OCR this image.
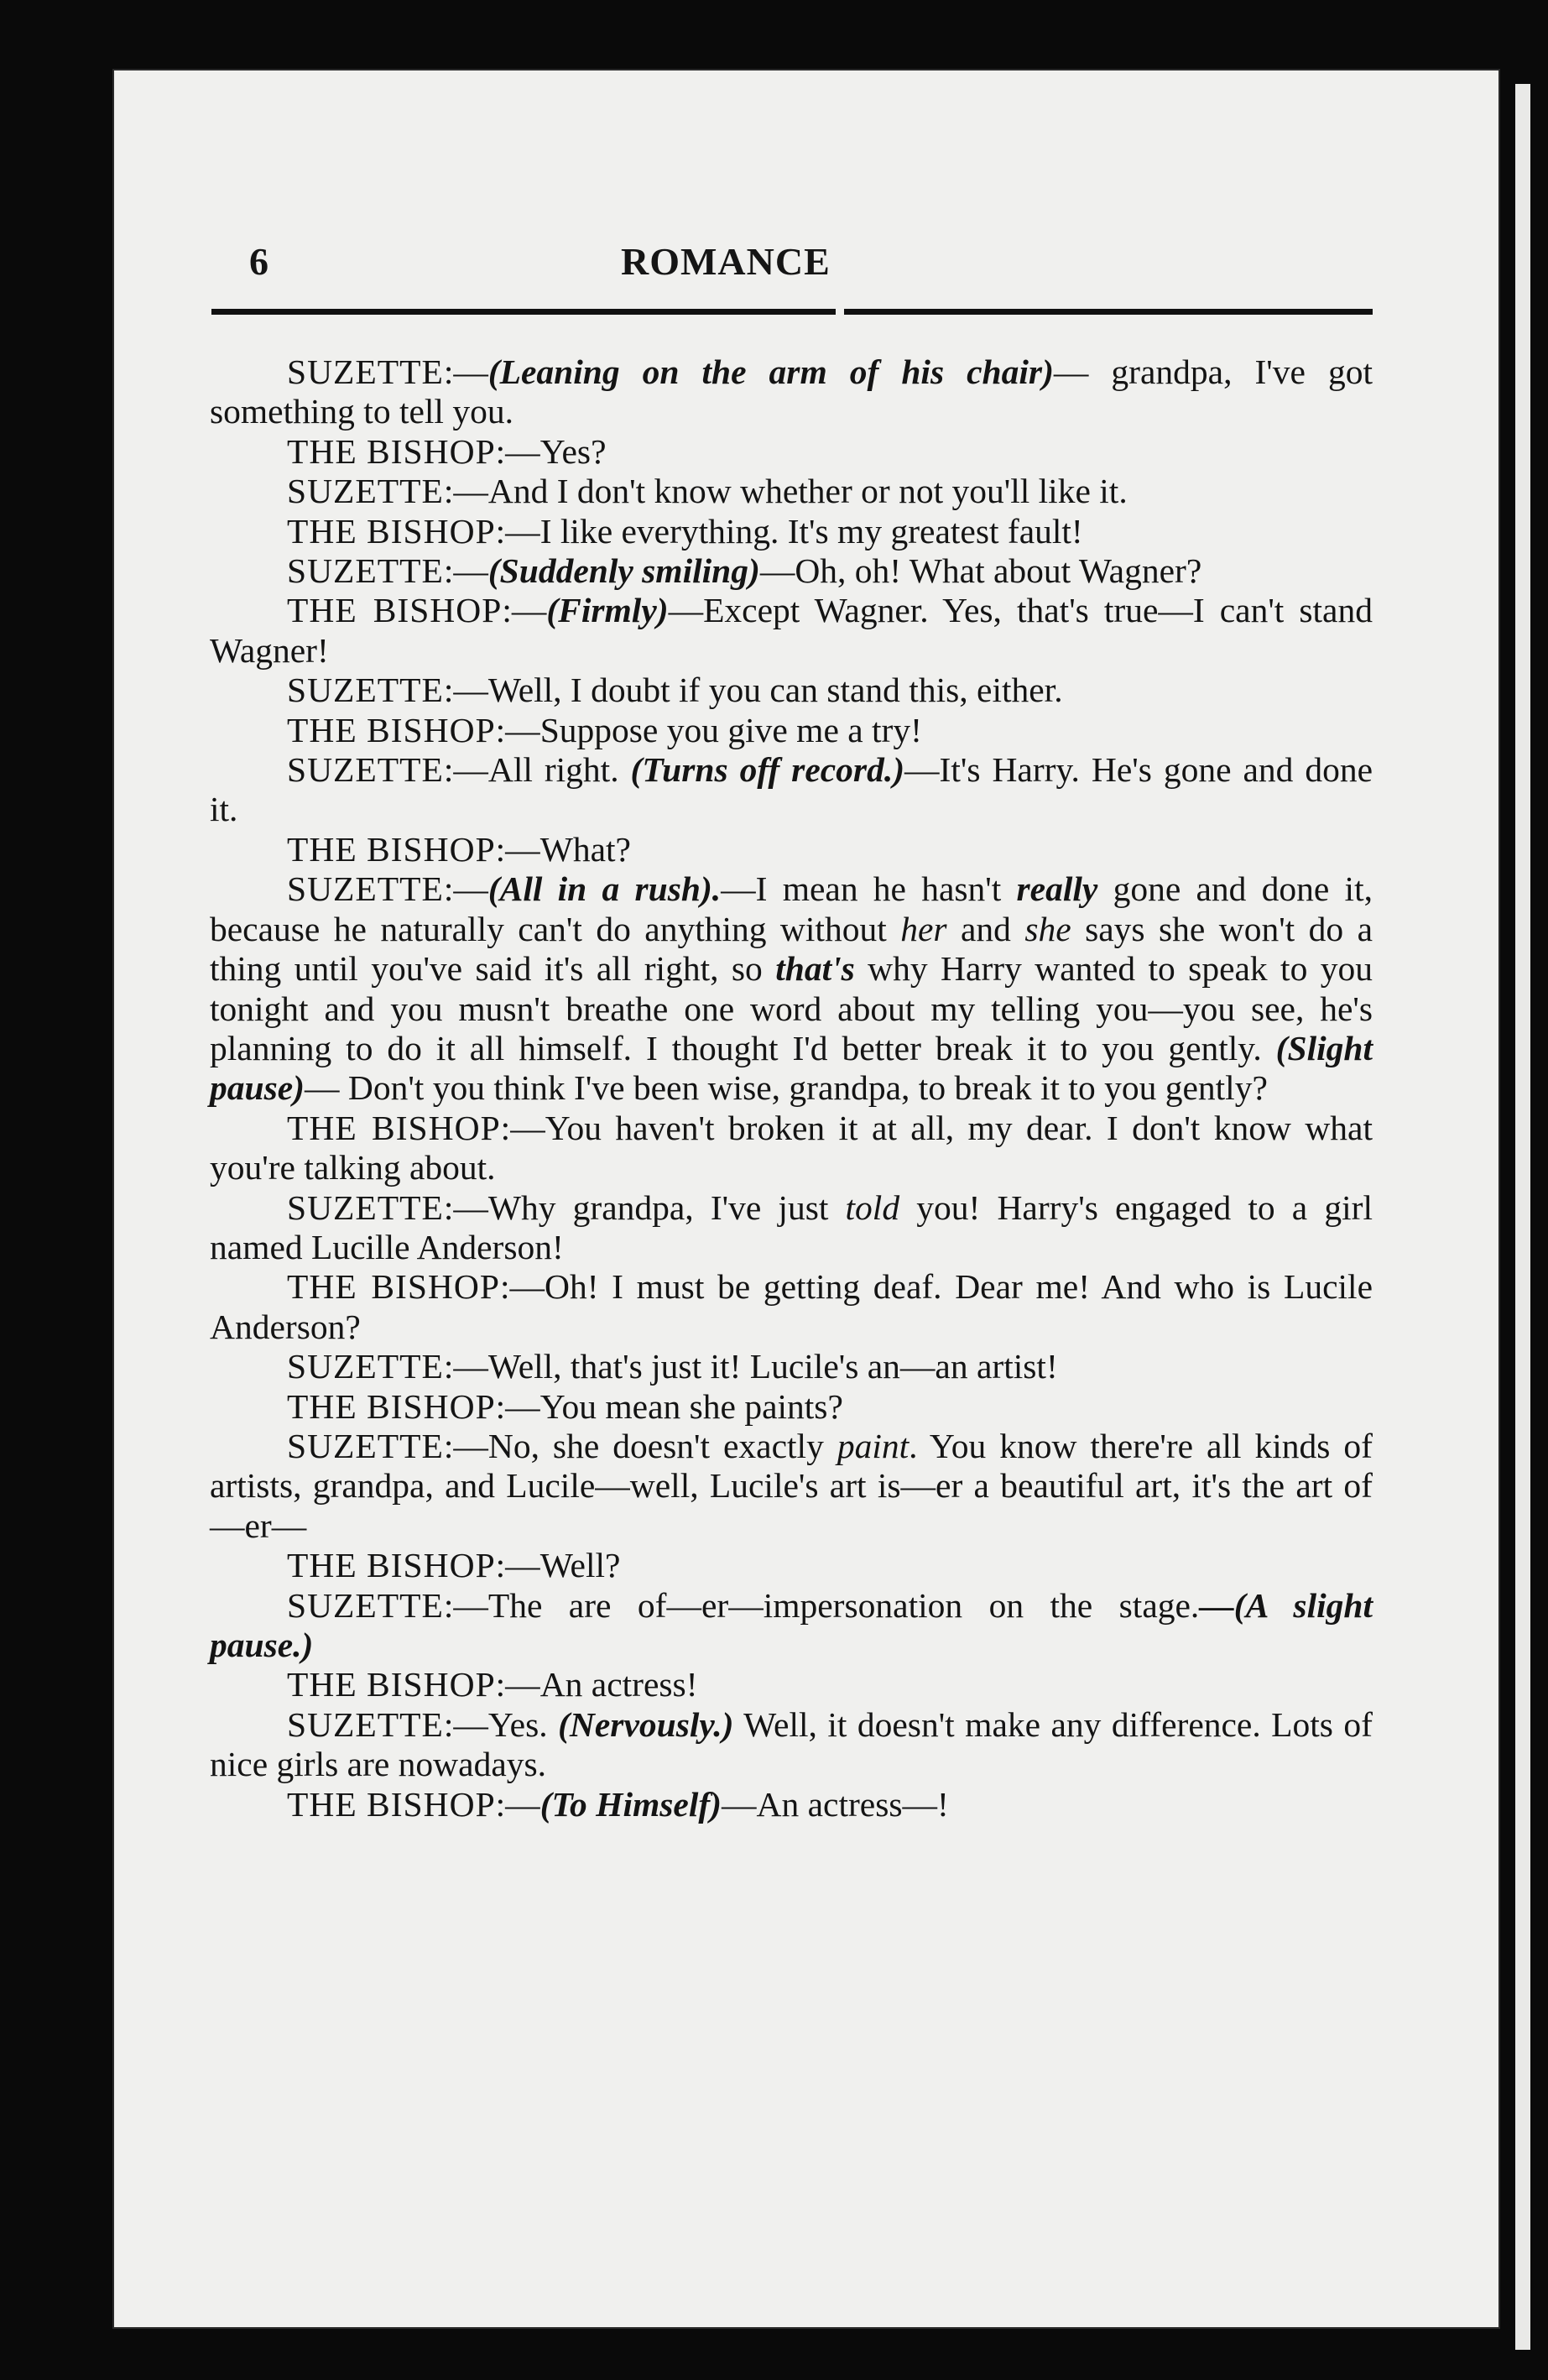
6	ROMANCE

SUZETTE:—(Leaning on the arm of his chair)— grandpa, I've got something to tell you.

THE BISHOP:—Yes?

SUZETTE:—And I don't know whether or not you'll like it.

THE BISHOP:—I like everything. It's my greatest fault!

SUZETTE:—(Suddenly smiling)—Oh, oh! What about Wagner?

THE BISHOP:—(Firmly)—Except Wagner. Yes, that's true—I can't stand Wagner!

SUZETTE:—Well, I doubt if you can stand this, either.

THE BISHOP:—Suppose you give me a try!

SUZETTE:—All right. (Turns off record.)—It's Harry. He's gone and done it.

THE BISHOP:—What?

SUZETTE:—(All in a rush).—I mean he hasn't really gone and done it, because he naturally can't do anything without her and she says she won't do a thing until you've said it's all right, so that's why Harry wanted to speak to you tonight and you musn't breathe one word about my telling you—you see, he's planning to do it all himself. I thought I'd better break it to you gently. (Slight pause)— Don't you think I've been wise, grandpa, to break it to you gently?

THE BISHOP:—You haven't broken it at all, my dear. I don't know what you're talking about.

SUZETTE:—Why grandpa, I've just told you! Harry's engaged to a girl named Lucille Anderson!

THE BISHOP:—Oh! I must be getting deaf. Dear me! And who is Lucile Anderson?

SUZETTE:—Well, that's just it! Lucile's an—an artist!

THE BISHOP:—You mean she paints?

SUZETTE:—No, she doesn't exactly paint. You know there're all kinds of artists, grandpa, and Lucile—well, Lucile's art is—er a beautiful art, it's the art of—er—

THE BISHOP:—Well?

SUZETTE:—The are of—er—impersonation on the stage.—(A slight pause.)

THE BISHOP:—An actress!

SUZETTE:—Yes. (Nervously.) Well, it doesn't make any difference. Lots of nice girls are nowadays.

THE BISHOP:—(To Himself)—An actress—!
